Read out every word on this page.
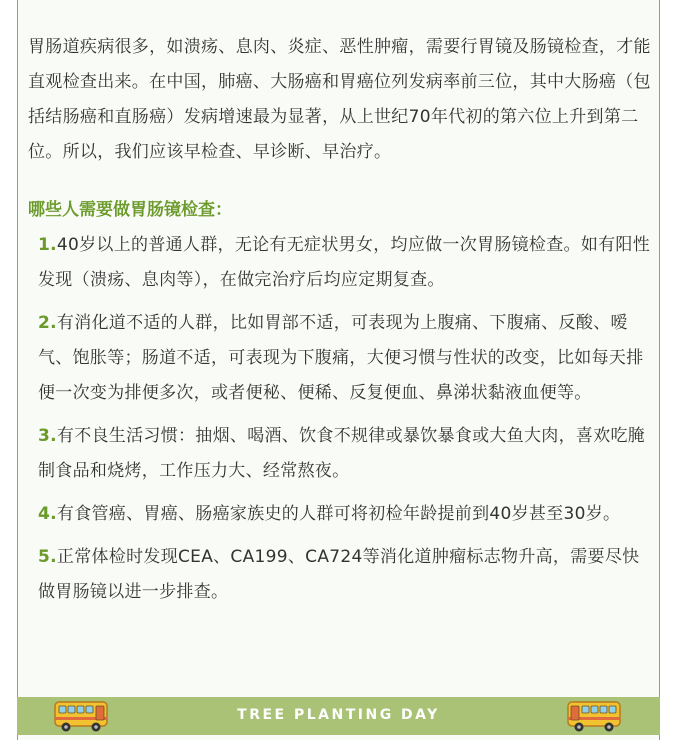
胃肠道疾病很多，如溃疡、息肉、炎症、恶性肿瘤，需要行胃镜及肠镜检查，才能直观检查出来。在中国，肺癌、大肠癌和胃癌位列发病率前三位，其中大肠癌（包括结肠癌和直肠癌）发病增速最为显著，从上世纪70年代初的第六位上升到第二位。所以，我们应该早检查、早诊断、早治疗。

哪些人需要做胃肠镜检查：
1.40岁以上的普通人群，无论有无症状男女，均应做一次胃肠镜检查。如有阳性发现（溃疡、息肉等），在做完治疗后均应定期复查。
2.有消化道不适的人群，比如胃部不适，可表现为上腹痛、下腹痛、反酸、嗳气、饱胀等；肠道不适，可表现为下腹痛，大便习惯与性状的改变，比如每天排便一次变为排便多次，或者便秘、便稀、反复便血、鼻涕状黏液血便等。
3.有不良生活习惯：抽烟、喝酒、饮食不规律或暴饮暴食或大鱼大肉，喜欢吃腌制食品和烧烤，工作压力大、经常熬夜。
4.有食管癌、胃癌、肠癌家族史的人群可将初检年龄提前到40岁甚至30岁。
5.正常体检时发现CEA、CA199、CA724等消化道肿瘤标志物升高，需要尽快做胃肠镜以进一步排查。
TREE PLANTING DAY
